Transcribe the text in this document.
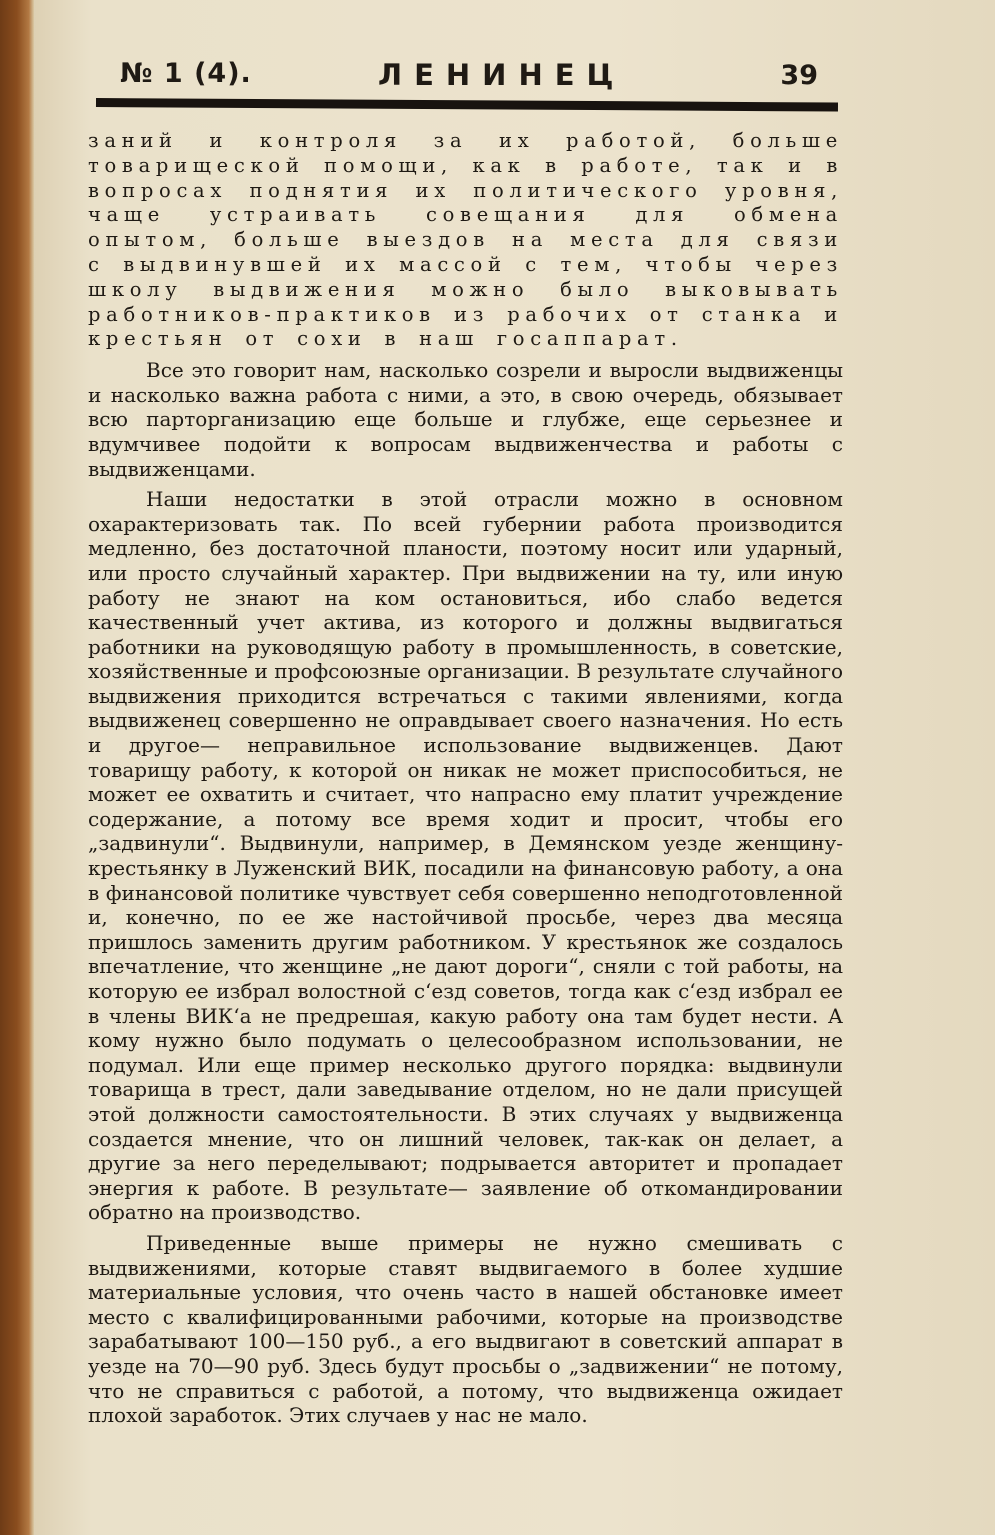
№ 1 (4).	ЛЕНИНЕЦ	39

заний и контроля за их работой, больше товарищеской помощи, как в работе, так и в вопросах поднятия их политического уровня, чаще устраивать совещания для обмена опытом, больше выездов на места для связи с выдвинувшей их массой с тем, чтобы через школу выдвижения можно было выковывать работников-практиков из рабочих от станка и крестьян от сохи в наш госаппарат.

Все это говорит нам, насколько созрели и выросли выдвиженцы и насколько важна работа с ними, а это, в свою очередь, обязывает всю парторганизацию еще больше и глубже, еще серьезнее и вдумчивее подойти к вопросам выдвиженчества и работы с выдвиженцами.

Наши недостатки в этой отрасли можно в основном охарактеризовать так. По всей губернии работа производится медленно, без достаточной планости, поэтому носит или ударный, или просто случайный характер. При выдвижении на ту, или иную работу не знают на ком остановиться, ибо слабо ведется качественный учет актива, из которого и должны выдвигаться работники на руководящую работу в промышленность, в советские, хозяйственные и профсоюзные организации. В результате случайного выдвижения приходится встречаться с такими явлениями, когда выдвиженец совершенно не оправдывает своего назначения. Но есть и другое— неправильное использование выдвиженцев. Дают товарищу работу, к которой он никак не может приспособиться, не может ее охватить и считает, что напрасно ему платит учреждение содержание, а потому все время ходит и просит, чтобы его „задвинули“. Выдвинули, например, в Демянском уезде женщину-крестьянку в Луженский ВИК, посадили на финансовую работу, а она в финансовой политике чувствует себя совершенно неподготовленной и, конечно, по ее же настойчивой просьбе, через два месяца пришлось заменить другим работником. У крестьянок же создалось впечатление, что женщине „не дают дороги“, сняли с той работы, на которую ее избрал волостной с‘езд советов, тогда как с‘езд избрал ее в члены ВИК‘а не предрешая, какую работу она там будет нести. А кому нужно было подумать о целесообразном использовании, не подумал. Или еще пример несколько другого порядка: выдвинули товарища в трест, дали заведывание отделом, но не дали присущей этой должности самостоятельности. В этих случаях у выдвиженца создается мнение, что он лишний человек, так-как он делает, а другие за него переделывают; подрывается авторитет и пропадает энергия к работе. В результате— заявление об откомандировании обратно на производство.

Приведенные выше примеры не нужно смешивать с выдвижениями, которые ставят выдвигаемого в более худшие материальные условия, что очень часто в нашей обстановке имеет место с квалифицированными рабочими, которые на производстве зарабатывают 100—150 руб., а его выдвигают в советский аппарат в уезде на 70—90 руб. Здесь будут просьбы о „задвижении“ не потому, что не справиться с работой, а потому, что выдвиженца ожидает плохой заработок. Этих случаев у нас не мало.
